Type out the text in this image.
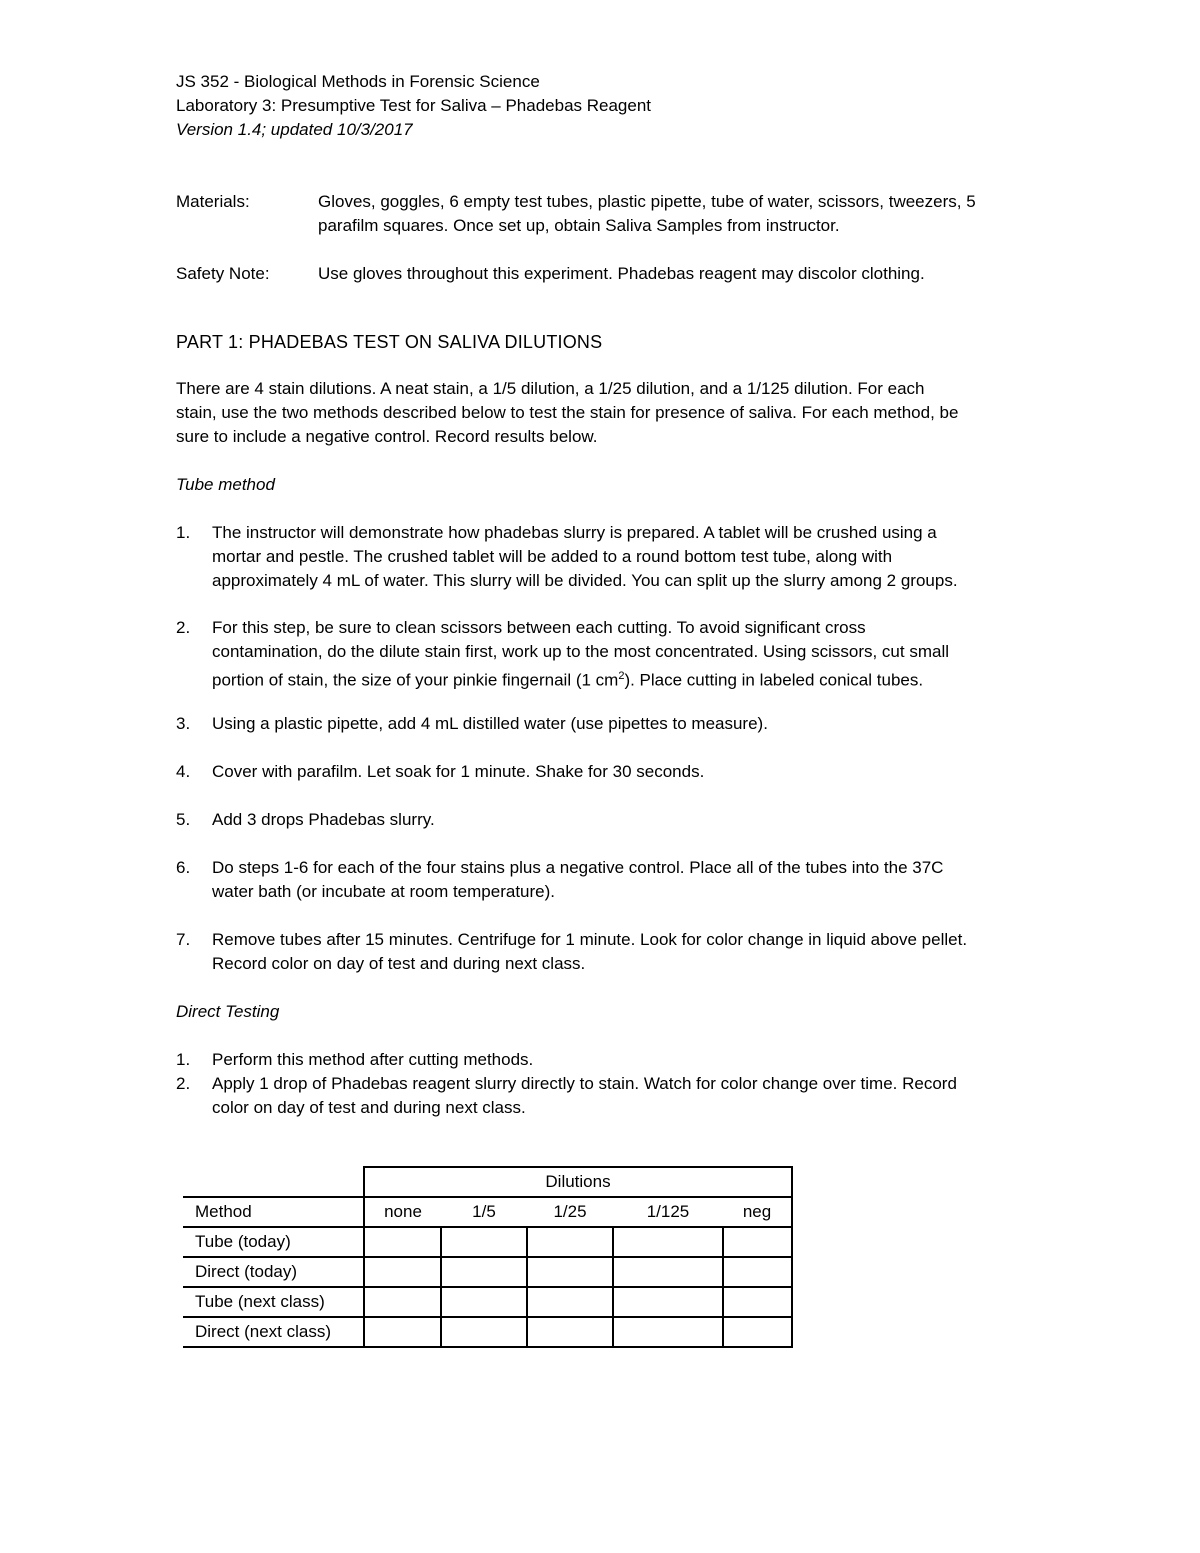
JS 352 - Biological Methods in Forensic Science
Laboratory 3: Presumptive Test for Saliva – Phadebas Reagent
Version 1.4; updated 10/3/2017
Materials:	Gloves, goggles, 6 empty test tubes, plastic pipette, tube of water, scissors, tweezers, 5
parafilm squares. Once set up, obtain Saliva Samples from instructor.
Safety Note:	Use gloves throughout this experiment. Phadebas reagent may discolor clothing.
PART 1: PHADEBAS TEST ON SALIVA DILUTIONS
There are 4 stain dilutions. A neat stain, a 1/5 dilution, a 1/25 dilution, and a 1/125 dilution. For each
stain, use the two methods described below to test the stain for presence of saliva. For each method, be
sure to include a negative control. Record results below.
Tube method
1. The instructor will demonstrate how phadebas slurry is prepared. A tablet will be crushed using a
mortar and pestle. The crushed tablet will be added to a round bottom test tube, along with
approximately 4 mL of water. This slurry will be divided. You can split up the slurry among 2 groups.
2. For this step, be sure to clean scissors between each cutting. To avoid significant cross
contamination, do the dilute stain first, work up to the most concentrated. Using scissors, cut small
portion of stain, the size of your pinkie fingernail (1 $cm^2$). Place cutting in labeled conical tubes.
3. Using a plastic pipette, add 4 mL distilled water (use pipettes to measure).
4. Cover with parafilm. Let soak for 1 minute. Shake for 30 seconds.
5. Add 3 drops Phadebas slurry.
6. Do steps 1-6 for each of the four stains plus a negative control. Place all of the tubes into the 37C
water bath (or incubate at room temperature).
7. Remove tubes after 15 minutes. Centrifuge for 1 minute. Look for color change in liquid above pellet.
Record color on day of test and during next class.
Direct Testing
1. Perform this method after cutting methods.
2. Apply 1 drop of Phadebas reagent slurry directly to stain. Watch for color change over time. Record
color on day of test and during next class.
	Dilutions				
Method	none	1/5	1/25	1/125	neg
Tube (today)					
Direct (today)					
Tube (next class)					
Direct (next class)					
